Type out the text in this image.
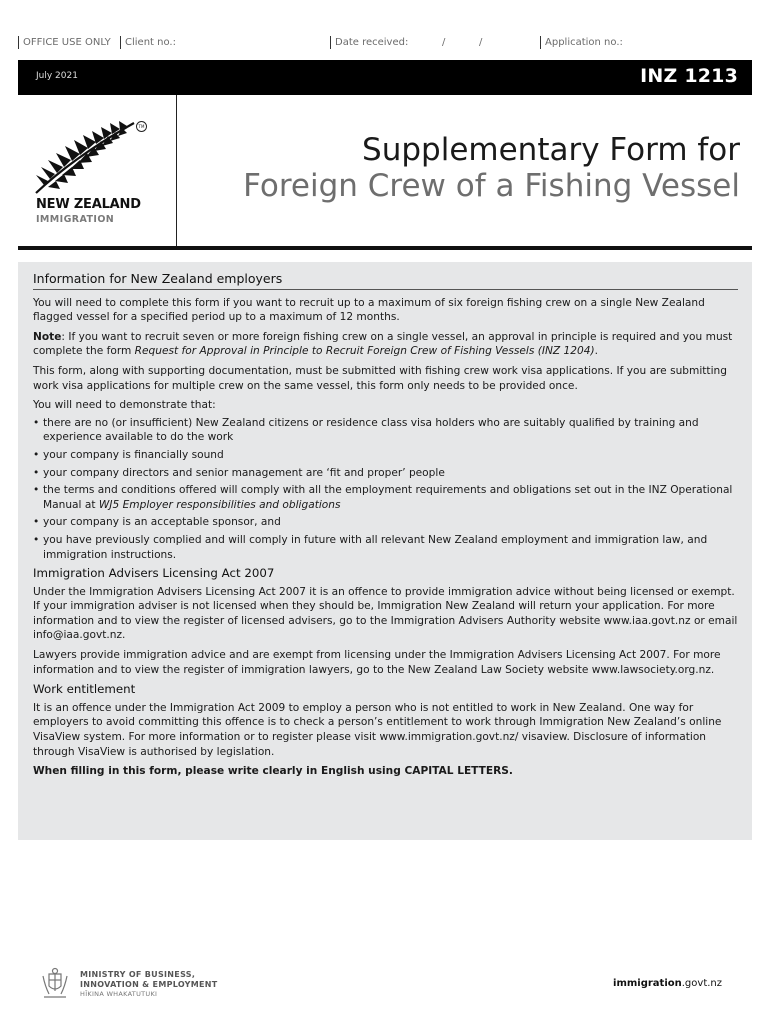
OFFICE USE ONLY	Client no.:	Date received:	/	/	Application no.:
July 2021	INZ 1213
TM
NEW ZEALAND
IMMIGRATION
Supplementary Form for
Foreign Crew of a Fishing Vessel
Information for New Zealand employers

You will need to complete this form if you want to recruit up to a maximum of six foreign fishing crew on a single New Zealand flagged vessel for a specified period up to a maximum of 12 months.

Note: If you want to recruit seven or more foreign fishing crew on a single vessel, an approval in principle is required and you must complete the form Request for Approval in Principle to Recruit Foreign Crew of Fishing Vessels (INZ 1204).

This form, along with supporting documentation, must be submitted with fishing crew work visa applications. If you are submitting work visa applications for multiple crew on the same vessel, this form only needs to be provided once.

You will need to demonstrate that:

• there are no (or insufficient) New Zealand citizens or residence class visa holders who are suitably qualified by training and experience available to do the work
• your company is financially sound
• your company directors and senior management are ‘fit and proper’ people
• the terms and conditions offered will comply with all the employment requirements and obligations set out in the INZ Operational Manual at WJ5 Employer responsibilities and obligations
• your company is an acceptable sponsor, and
• you have previously complied and will comply in future with all relevant New Zealand employment and immigration law, and immigration instructions.
Immigration Advisers Licensing Act 2007

Under the Immigration Advisers Licensing Act 2007 it is an offence to provide immigration advice without being licensed or exempt. If your immigration adviser is not licensed when they should be, Immigration New Zealand will return your application. For more information and to view the register of licensed advisers, go to the Immigration Advisers Authority website www.iaa.govt.nz or email info@iaa.govt.nz.

Lawyers provide immigration advice and are exempt from licensing under the Immigration Advisers Licensing Act 2007. For more information and to view the register of immigration lawyers, go to the New Zealand Law Society website www.lawsociety.org.nz.

Work entitlement

It is an offence under the Immigration Act 2009 to employ a person who is not entitled to work in New Zealand. One way for employers to avoid committing this offence is to check a person’s entitlement to work through Immigration New Zealand’s online VisaView system. For more information or to register please visit www.immigration.govt.nz/ visaview. Disclosure of information through VisaView is authorised by legislation.

When filling in this form, please write clearly in English using CAPITAL LETTERS.

MINISTRY OF BUSINESS,
INNOVATION & EMPLOYMENT
HĪKINA WHAKATUTUKI
immigration.govt.nz
